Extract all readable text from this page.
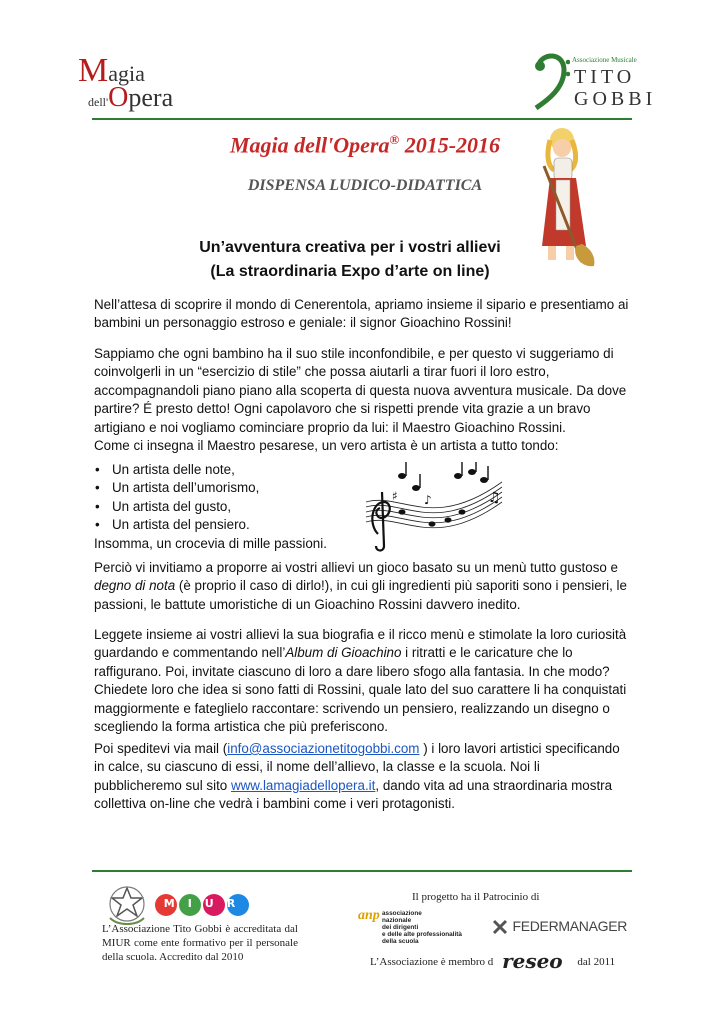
Magia
dell'Opera
Associazione Musicale
TITO
GOBBI
Magia dell'Opera® 2015-2016
DISPENSA LUDICO-DIDATTICA
Un’avventura creativa per i vostri allievi
(La straordinaria Expo d’arte on line)

Nell’attesa di scoprire il mondo di Cenerentola, apriamo insieme il sipario e presentiamo ai bambini un personaggio estroso e geniale: il signor Gioachino Rossini!

Sappiamo che ogni bambino ha il suo stile inconfondibile, e per questo vi suggeriamo di coinvolgerli in un “esercizio di stile” che possa aiutarli a tirar fuori il loro estro, accompagnandoli piano piano alla scoperta di questa nuova avventura musicale. Da dove partire? É presto detto! Ogni capolavoro che si rispetti prende vita grazie a un bravo artigiano e noi vogliamo cominciare proprio da lui: il Maestro Gioachino Rossini.

Come ci insegna il Maestro pesarese, un vero artista è un artista a tutto tondo:

• Un artista delle note,
• Un artista dell’umorismo,
• Un artista del gusto,
• Un artista del pensiero.

Insomma, un crocevia di mille passioni.

♯ ♪	♫

Perciò vi invitiamo a proporre ai vostri allievi un gioco basato su un menù tutto gustoso e degno di nota (è proprio il caso di dirlo!), in cui gli ingredienti più saporiti sono i pensieri, le passioni, le battute umoristiche di un Gioachino Rossini davvero inedito.

Leggete insieme ai vostri allievi la sua biografia e il ricco menù e stimolate la loro curiosità guardando e commentando nell’Album di Gioachino i ritratti e le caricature che lo raffigurano. Poi, invitate ciascuno di loro a dare libero sfogo alla fantasia. In che modo? Chiedete loro che idea si sono fatti di Rossini, quale lato del suo carattere li ha conquistati maggiormente e fateglielo raccontare: scrivendo un pensiero, realizzando un disegno o scegliendo la forma artistica che più preferiscono.

Poi speditevi via mail (info@associazionetitogobbi.com ) i loro lavori artistici specificando in calce, su ciascuno di essi, il nome dell’allievo, la classe e la scuola. Noi li pubblicheremo sul sito www.lamagiadellopera.it, dando vita ad una straordinaria mostra collettiva on-line che vedrà i bambini come i veri protagonisti.

MIUR
L’Associazione Tito Gobbi è accreditata dal MIUR come ente formativo per il personale della scuola. Accredito dal 2010
Il progetto ha il Patrocinio di
anp associazione
nazionale
dei dirigenti
e delle alte professionalità
della scuola
FEDERMANAGER
L’Associazione è membro d reseo dal 2011
